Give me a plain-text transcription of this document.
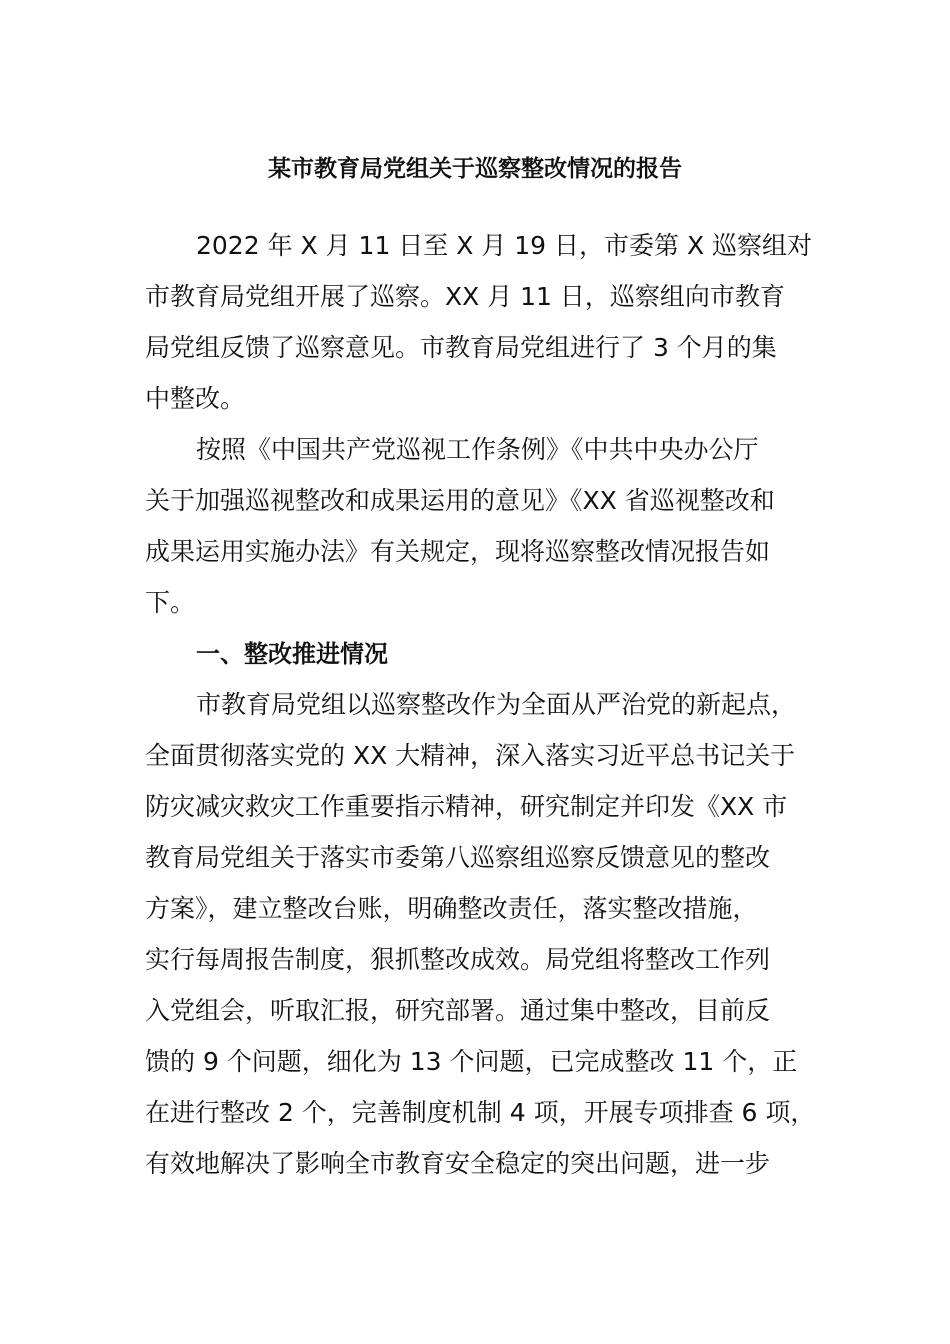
某市教育局党组关于巡察整改情况的报告

2022 年 X 月 11 日至 X 月 19 日，市委第 X 巡察组对

市教育局党组开展了巡察。XX 月 11 日，巡察组向市教育

局党组反馈了巡察意见。市教育局党组进行了 3 个月的集

中整改。

按照《中国共产党巡视工作条例》《中共中央办公厅

关于加强巡视整改和成果运用的意见》《XX 省巡视整改和

成果运用实施办法》有关规定，现将巡察整改情况报告如

下。

一、整改推进情况

市教育局党组以巡察整改作为全面从严治党的新起点，

全面贯彻落实党的 XX 大精神，深入落实习近平总书记关于

防灾减灾救灾工作重要指示精神，研究制定并印发《XX 市

教育局党组关于落实市委第八巡察组巡察反馈意见的整改

方案》，建立整改台账，明确整改责任，落实整改措施，

实行每周报告制度，狠抓整改成效。局党组将整改工作列

入党组会，听取汇报，研究部署。通过集中整改，目前反

馈的 9 个问题，细化为 13 个问题，已完成整改 11 个，正

在进行整改 2 个，完善制度机制 4 项，开展专项排查 6 项，

有效地解决了影响全市教育安全稳定的突出问题，进一步
